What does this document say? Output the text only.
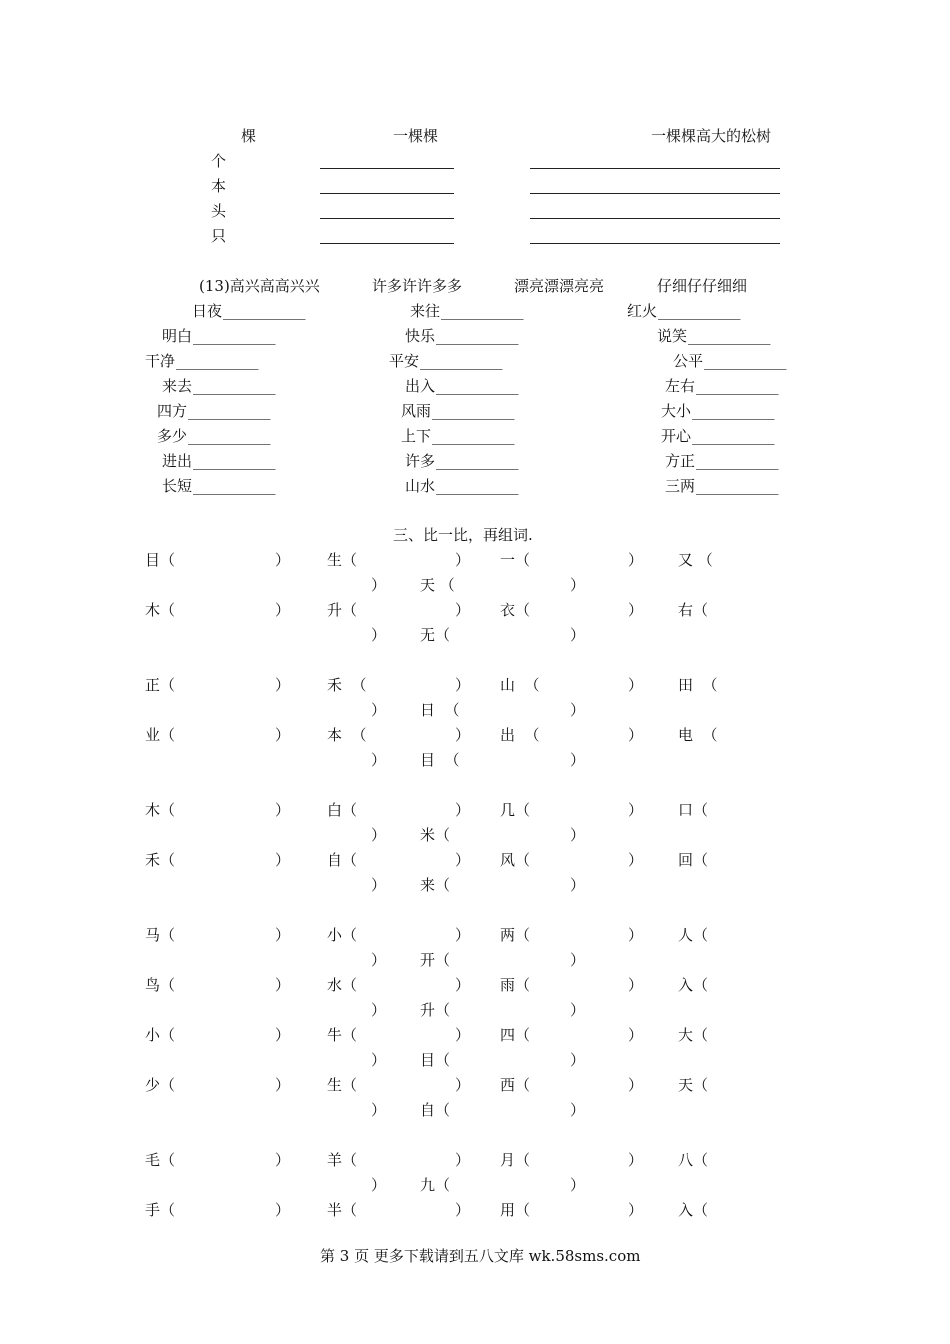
棵	一棵棵	一棵棵高大的松树
个
本
头
只
(13)高兴高高兴兴	许多许许多多	漂亮漂漂亮亮	仔细仔仔细细
日夜 ___________	来往 ___________	红火 ___________
明白 ___________	快乐 ___________	说笑 ___________
干净 ___________	平安 ___________	公平 ___________
来去 ___________	出入 ___________	左右 ___________
四方 ___________	风雨 ___________	大小 ___________
多少 ___________	上下 ___________	开心 ___________
进出 ___________	许多 ___________	方正 ___________
长短 ___________	山水 ___________	三两 ___________
三、比一比，再组词.
目（	） 生（	） 一（	） 又 （
） 天 （	）
木（	） 升（	） 衣（	） 右（
） 无（	）
正（	） 禾  （	） 山  （	） 田  （
） 日  （	）
业（	） 本  （	） 出  （	） 电  （
） 目  （	）
木（	） 白（	） 几（	） 口（
） 米（	）
禾（	） 自（	） 风（	） 回（
） 来（	）
马（	） 小（	） 两（	） 人（
） 开（	）
鸟（	） 水（	） 雨（	） 入（
） 升（	）
小（	） 牛（	） 四（	） 大（
） 目（	）
少（	） 生（	） 西（	） 天（
） 自（	）
毛（	） 羊（	） 月（	） 八（
） 九（	）
手（	） 半（	） 用（	） 入（
第 3 页 更多下载请到五八文库 wk.58sms.com
